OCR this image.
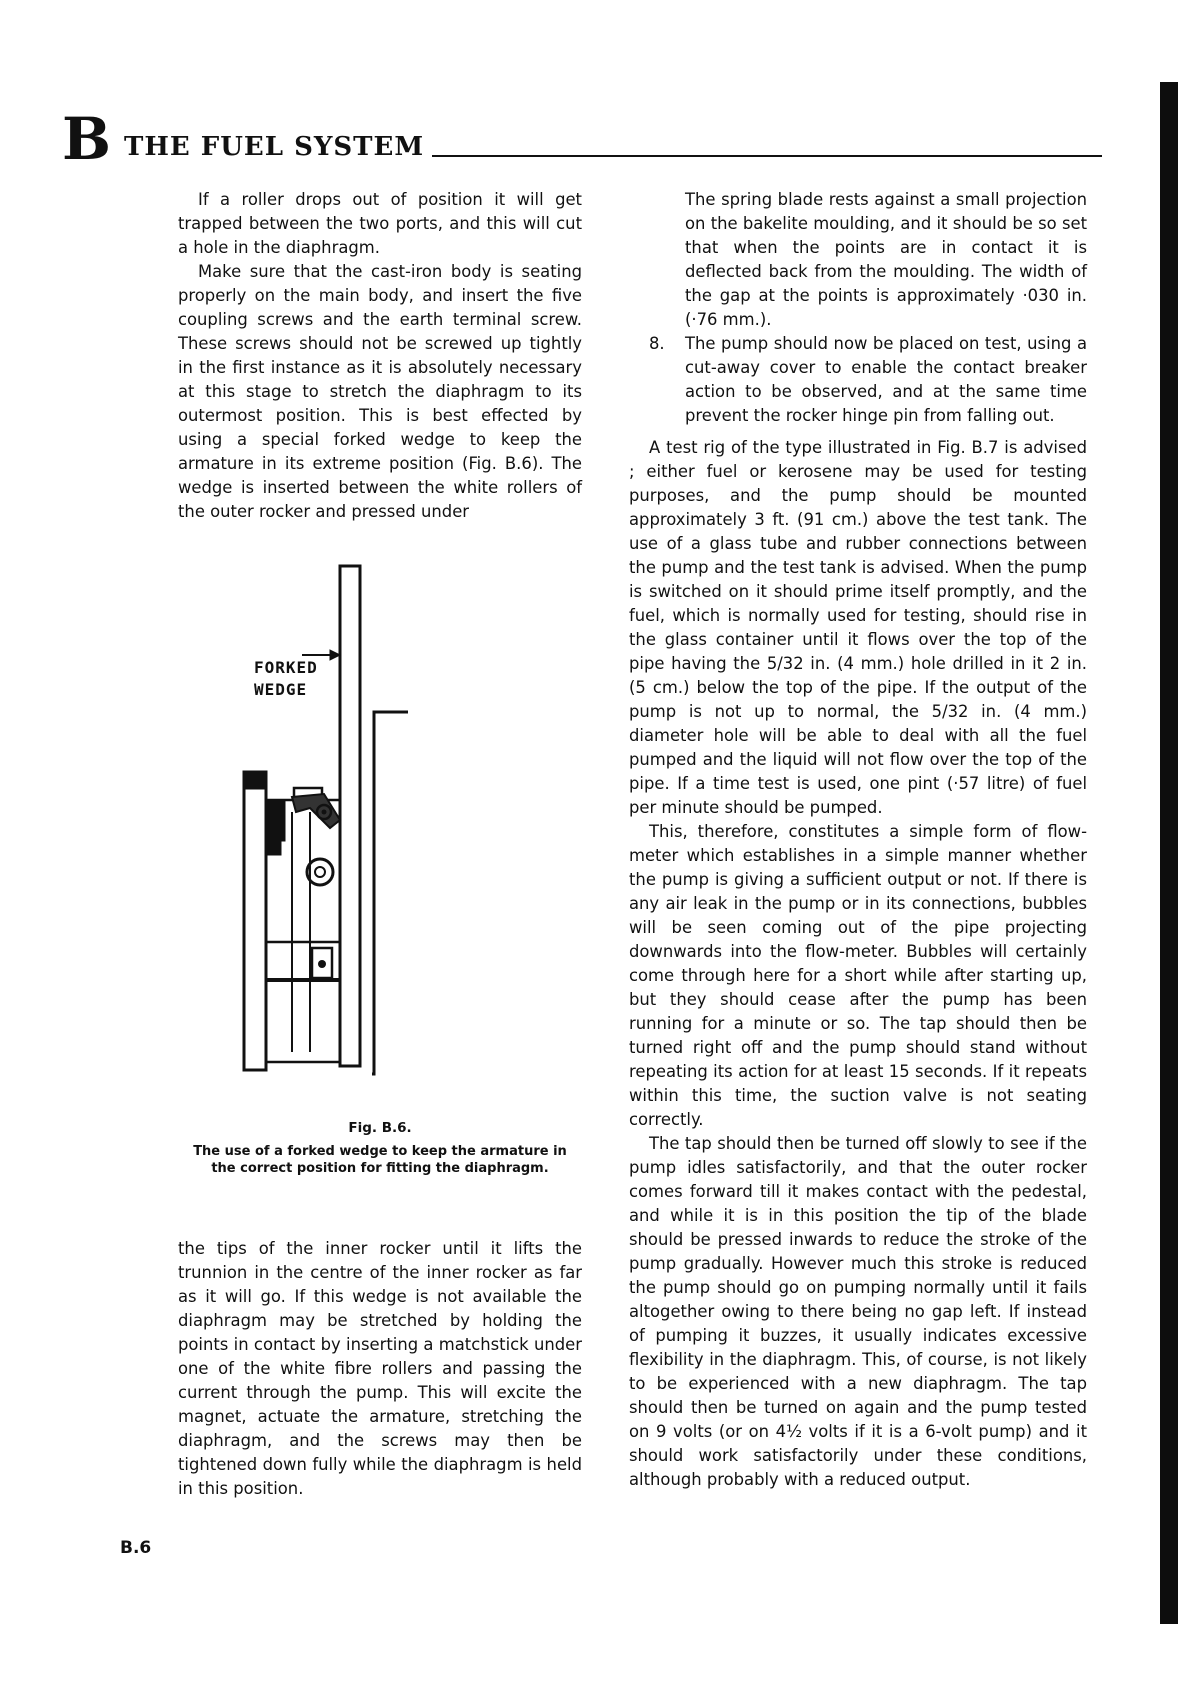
B THE FUEL SYSTEM

If a roller drops out of position it will get trapped between the two ports, and this will cut a hole in the diaphragm.

Make sure that the cast-iron body is seating properly on the main body, and insert the five coupling screws and the earth terminal screw. These screws should not be screwed up tightly in the first instance as it is absolutely necessary at this stage to stretch the diaphragm to its outermost position. This is best effected by using a special forked wedge to keep the armature in its extreme position (Fig. B.6). The wedge is inserted between the white rollers of the outer rocker and pressed under

FORKED
WEDGE
Fig. B.6.
The use of a forked wedge to keep the armature in the correct position for fitting the diaphragm.

the tips of the inner rocker until it lifts the trunnion in the centre of the inner rocker as far as it will go. If this wedge is not available the diaphragm may be stretched by holding the points in contact by inserting a matchstick under one of the white fibre rollers and passing the current through the pump. This will excite the magnet, actuate the armature, stretching the diaphragm, and the screws may then be tightened down fully while the diaphragm is held in this position.

The spring blade rests against a small projection on the bakelite moulding, and it should be so set that when the points are in contact it is deflected back from the moulding. The width of the gap at the points is approximately ·030 in. (·76 mm.).

8. The pump should now be placed on test, using a cut-away cover to enable the contact breaker action to be observed, and at the same time prevent the rocker hinge pin from falling out.

A test rig of the type illustrated in Fig. B.7 is advised ; either fuel or kerosene may be used for testing purposes, and the pump should be mounted approximately 3 ft. (91 cm.) above the test tank. The use of a glass tube and rubber connections between the pump and the test tank is advised. When the pump is switched on it should prime itself promptly, and the fuel, which is normally used for testing, should rise in the glass container until it flows over the top of the pipe having the 5/32 in. (4 mm.) hole drilled in it 2 in. (5 cm.) below the top of the pipe. If the output of the pump is not up to normal, the 5/32 in. (4 mm.) diameter hole will be able to deal with all the fuel pumped and the liquid will not flow over the top of the pipe. If a time test is used, one pint (·57 litre) of fuel per minute should be pumped.

This, therefore, constitutes a simple form of flow-meter which establishes in a simple manner whether the pump is giving a sufficient output or not. If there is any air leak in the pump or in its connections, bubbles will be seen coming out of the pipe projecting downwards into the flow-meter. Bubbles will certainly come through here for a short while after starting up, but they should cease after the pump has been running for a minute or so. The tap should then be turned right off and the pump should stand without repeating its action for at least 15 seconds. If it repeats within this time, the suction valve is not seating correctly.

The tap should then be turned off slowly to see if the pump idles satisfactorily, and that the outer rocker comes forward till it makes contact with the pedestal, and while it is in this position the tip of the blade should be pressed inwards to reduce the stroke of the pump gradually. However much this stroke is reduced the pump should go on pumping normally until it fails altogether owing to there being no gap left. If instead of pumping it buzzes, it usually indicates excessive flexibility in the diaphragm. This, of course, is not likely to be experienced with a new diaphragm. The tap should then be turned on again and the pump tested on 9 volts (or on 4½ volts if it is a 6-volt pump) and it should work satisfactorily under these conditions, although probably with a reduced output.

B.6
